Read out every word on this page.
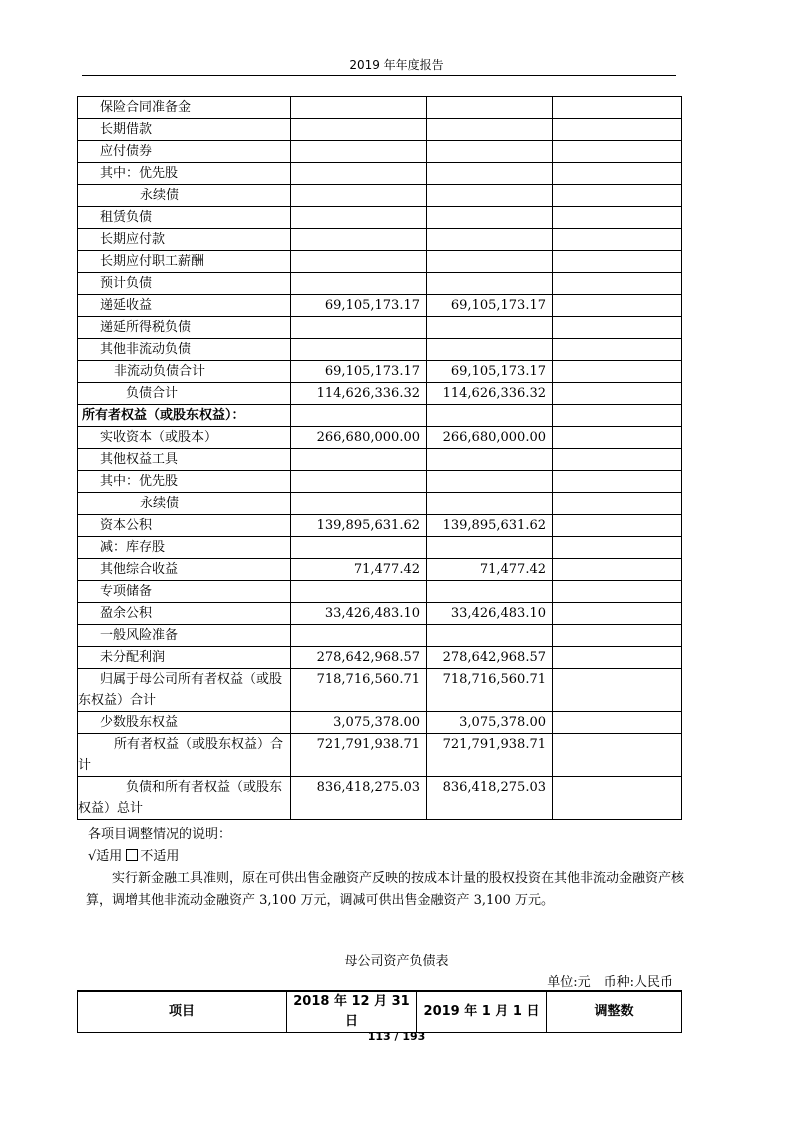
2019 年年度报告
保险合同准备金			
长期借款			
应付债券			
其中：优先股			
永续债			
租赁负债			
长期应付款			
长期应付职工薪酬			
预计负债			
递延收益	69,105,173.17	69,105,173.17	
递延所得税负债			
其他非流动负债			
非流动负债合计	69,105,173.17	69,105,173.17	
负债合计	114,626,336.32	114,626,336.32	
所有者权益（或股东权益）：			
实收资本（或股本）	266,680,000.00	266,680,000.00	
其他权益工具			
其中：优先股			
永续债			
资本公积	139,895,631.62	139,895,631.62	
减：库存股			
其他综合收益	71,477.42	71,477.42	
专项储备			
盈余公积	33,426,483.10	33,426,483.10	
一般风险准备			
未分配利润	278,642,968.57	278,642,968.57	
归属于母公司所有者权益（或股东权益）合计	718,716,560.71	718,716,560.71	
少数股东权益	3,075,378.00	3,075,378.00	
所有者权益（或股东权益）合计	721,791,938.71	721,791,938.71	
负债和所有者权益（或股东权益）总计	836,418,275.03	836,418,275.03	
各项目调整情况的说明：
√适用 不适用
实行新金融工具准则，原在可供出售金融资产反映的按成本计量的股权投资在其他非流动金融资产核算，调增其他非流动金融资产 3,100 万元，调减可供出售金融资产 3,100 万元。
母公司资产负债表
单位:元　币种:人民币
项目	2018 年 12 月 31 日	2019 年 1 月 1 日	调整数
113 / 193
